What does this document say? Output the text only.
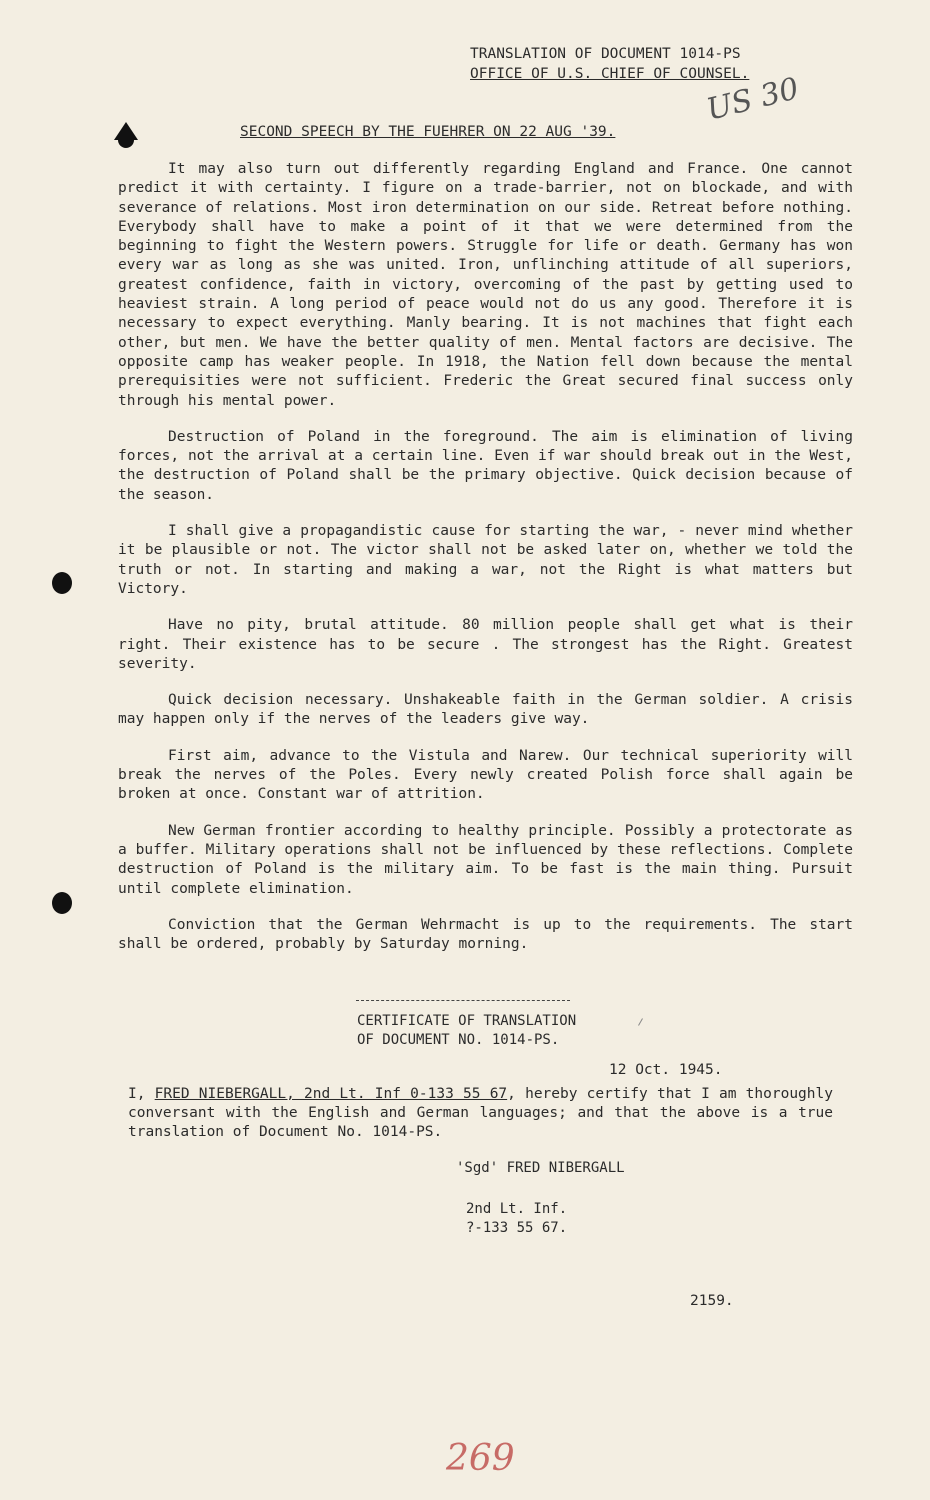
TRANSLATION OF DOCUMENT 1014-PS
OFFICE OF U.S. CHIEF OF COUNSEL.
US 30
SECOND SPEECH BY THE FUEHRER ON 22 AUG '39.

It may also turn out differently regarding England and France. One cannot predict it with certainty. I figure on a trade-barrier, not on blockade, and with severance of relations. Most iron determination on our side. Retreat before nothing. Everybody shall have to make a point of it that we were determined from the beginning to fight the Western powers. Struggle for life or death. Germany has won every war as long as she was united. Iron, unflinching attitude of all superiors, greatest confidence, faith in victory, overcoming of the past by getting used to heaviest strain. A long period of peace would not do us any good. Therefore it is necessary to expect everything. Manly bearing. It is not machines that fight each other, but men. We have the better quality of men. Mental factors are decisive. The opposite camp has weaker people. In 1918, the Nation fell down because the mental prerequisities were not sufficient. Frederic the Great secured final success only through his mental power.

Destruction of Poland in the foreground. The aim is elimination of living forces, not the arrival at a certain line. Even if war should break out in the West, the destruction of Poland shall be the primary objective. Quick decision because of the season.

I shall give a propagandistic cause for starting the war, - never mind whether it be plausible or not. The victor shall not be asked later on, whether we told the truth or not. In starting and making a war, not the Right is what matters but Victory.

Have no pity, brutal attitude. 80 million people shall get what is their right. Their existence has to be secure . The strongest has the Right. Greatest severity.

Quick decision necessary. Unshakeable faith in the German soldier. A crisis may happen only if the nerves of the leaders give way.

First aim, advance to the Vistula and Narew. Our technical superiority will break the nerves of the Poles. Every newly created Polish force shall again be broken at once. Constant war of attrition.

New German frontier according to healthy principle. Possibly a protectorate as a buffer. Military operations shall not be influenced by these reflections. Complete destruction of Poland is the military aim. To be fast is the main thing. Pursuit until complete elimination.

Conviction that the German Wehrmacht is up to the requirements. The start shall be ordered, probably by Saturday morning.

CERTIFICATE OF TRANSLATION
OF DOCUMENT NO. 1014-PS.
12 Oct. 1945.
I, FRED NIEBERGALL, 2nd Lt. Inf 0-133 55 67, hereby certify that I am thoroughly conversant with the English and German languages; and that the above is a true translation of Document No. 1014-PS.
'Sgd' FRED NIBERGALL
2nd Lt. Inf.
?-133 55 67.
2159.
269
